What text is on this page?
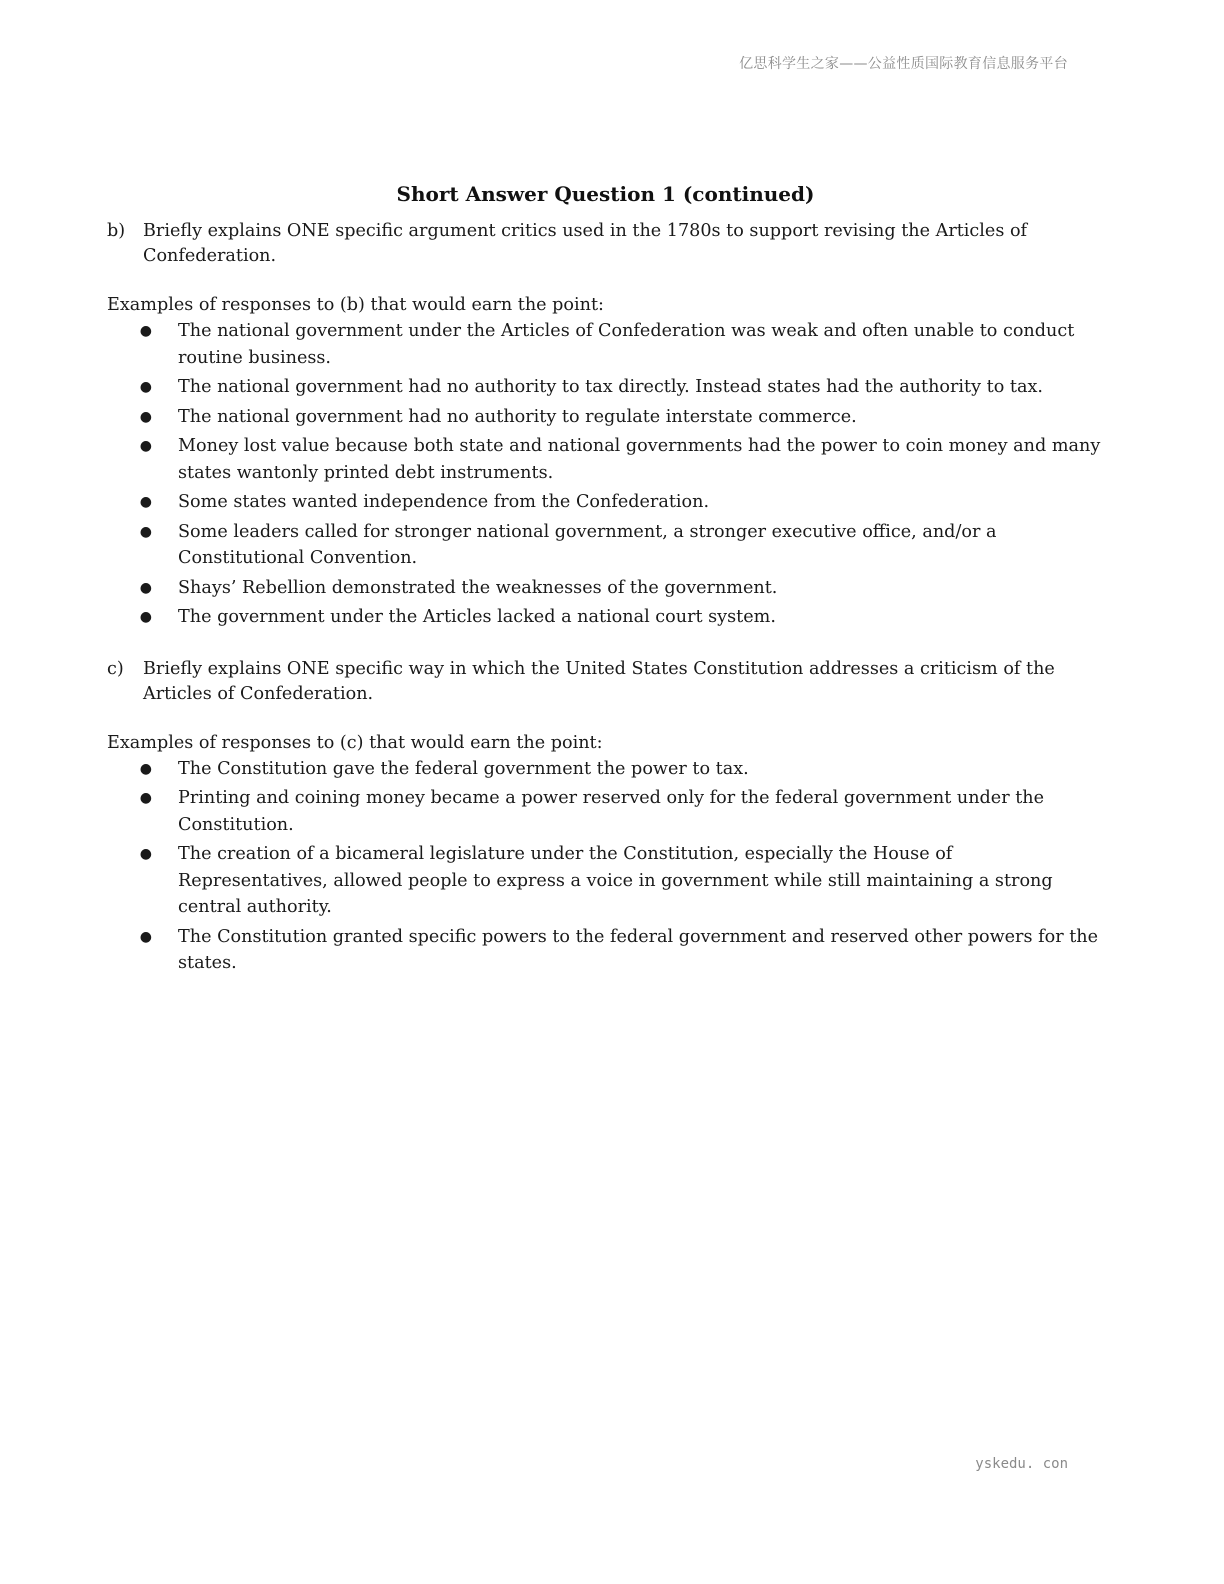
亿思科学生之家——公益性质国际教育信息服务平台
Short Answer Question 1 (continued)
b)	Briefly explains ONE specific argument critics used in the 1780s to support revising the Articles of Confederation.
Examples of responses to (b) that would earn the point:
●	The national government under the Articles of Confederation was weak and often unable to conduct routine business.
●	The national government had no authority to tax directly. Instead states had the authority to tax.
●	The national government had no authority to regulate interstate commerce.
●	Money lost value because both state and national governments had the power to coin money and many states wantonly printed debt instruments.
●	Some states wanted independence from the Confederation.
●	Some leaders called for stronger national government, a stronger executive office, and/or a Constitutional Convention.
●	Shays’ Rebellion demonstrated the weaknesses of the government.
●	The government under the Articles lacked a national court system.
c)	Briefly explains ONE specific way in which the United States Constitution addresses a criticism of the Articles of Confederation.
Examples of responses to (c) that would earn the point:
●	The Constitution gave the federal government the power to tax.
●	Printing and coining money became a power reserved only for the federal government under the Constitution.
●	The creation of a bicameral legislature under the Constitution, especially the House of Representatives, allowed people to express a voice in government while still maintaining a strong central authority.
●	The Constitution granted specific powers to the federal government and reserved other powers for the states.
yskedu. con
